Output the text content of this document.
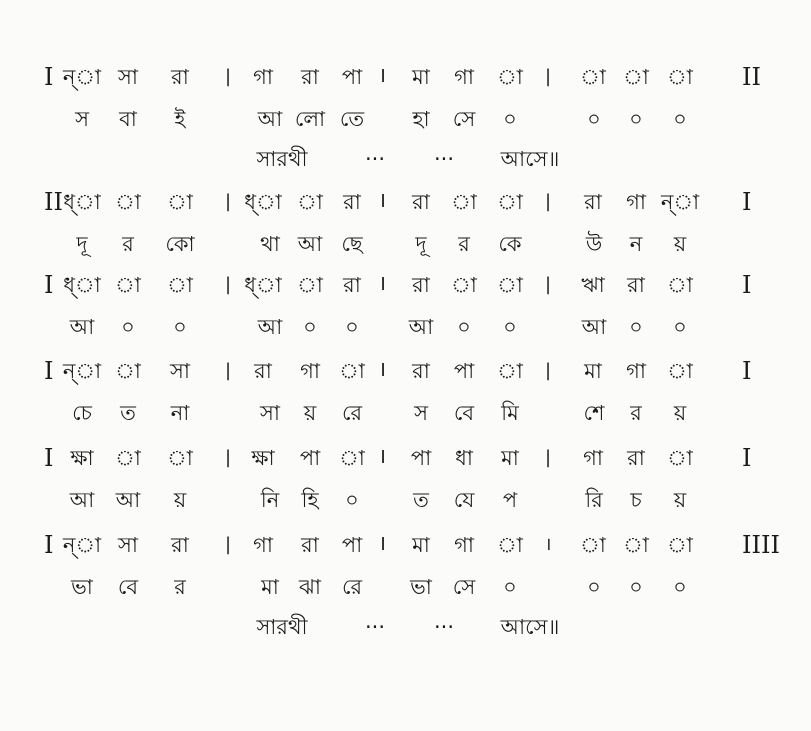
I ন্া সা রা | গা রা পা I মা গা া | া া া II
স বা ই	আ লো তে হা সে ০	০ ০ ০
সারথী	··· ··· আসে॥
II ধ্া া া | ধ্া া রা I রা া া | রা গা ন্া I
দূ র কো	থা আ ছে	দূ র কে	উ ন য়
I ধ্া া া | ধ্া া রা I রা া া | ঋা রা া I
আ ০ ০	আ ০ ০ আ ০ ০	আ ০ ০
I ন্া া সা | রা গা া I রা পা া | মা গা া I
চে ত না	সা য় রে স বে মি	শে র য়
I ক্ষা া া | ক্ষা পা া I পা ধা মা | গা রা া I
আ আ য়	নি হি ০	ত যে প	রি চ য়
I ন্া সা রা | গা রা পা I মা গা া । া া া IIII
ভা বে র	মা ঝা রে ভা সে ০	০ ০ ০
সারথী	··· ··· আসে॥
